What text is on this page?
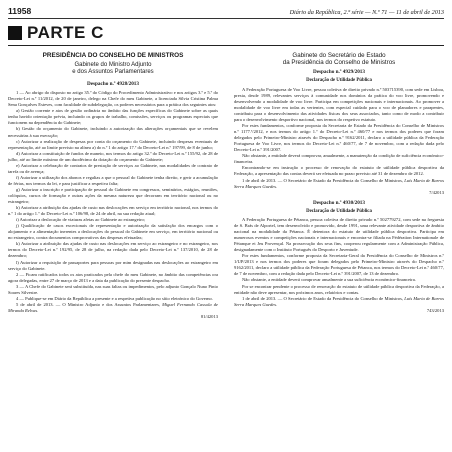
11958	Diário da República, 2.ª série — N.º 71 — 11 de abril de 2013
PARTE C
PRESIDÊNCIA DO CONSELHO DE MINISTROS
Gabinete do Ministro Adjunto
e dos Assuntos Parlamentares
Despacho n.º 4928/2013

1 — Ao abrigo do disposto no artigo 35.º do Código do Procedimento Administrativo e nos artigos 3.º e 5.º do Decreto-Lei n.º 11/2012, de 20 de janeiro, delego na Chefe do meu Gabinete, a licenciada Sílvia Cristina Palma Sena Gonçalves Esteves, com faculdade de subdelegação, os poderes necessários para a prática dos seguintes atos:

a) Gestão corrente e atos de gestão ordinária no âmbito das funções específicas do Gabinete sobre as quais tenha havido orientação prévia, incluindo os grupos de trabalho, comissões, serviços ou programas especiais que funcionem na dependência do Gabinete;

b) Gestão do orçamento do Gabinete, incluindo a autorização das alterações orçamentais que se revelem necessárias à sua execução;

c) Autorizar a realização de despesas por conta do orçamento do Gabinete, incluindo despesas eventuais de representação, até ao limite previsto na alínea a) do n.º 1 do artigo 17.º do Decreto-Lei n.º 197/99, de 8 de junho;

d) Autorizar a constituição de fundos de maneio, nos termos do artigo 32.º do Decreto-Lei n.º 155/92, de 28 de julho, até ao limite máximo de um duodécimo da dotação do orçamento do Gabinete;

e) Autorizar a celebração de contratos de prestação de serviços ao Gabinete, nas modalidades de contrato de tarefa ou de avença;

f) Autorizar a utilização dos abonos e regalias a que o pessoal do Gabinete tenha direito, e gerir a acumulação de férias, nos termos da lei, e para justificar a respetiva falta;

g) Autorizar a inscrição e participação de pessoal do Gabinete em congressos, seminários, estágios, reuniões, colóquios, cursos de formação e outras ações da mesma natureza que decorram em território nacional ou no estrangeiro;

h) Autorizar a atribuição das ajudas de custo nas deslocações em serviço em território nacional, nos termos do n.º 1 do artigo 1.º do Decreto-Lei n.º 106/98, de 24 de abril, na sua redação atual;

i) Autorizar a deslocação de viaturas afetas ao Gabinete ao estrangeiro;

j) Qualificação de casos excecionais de representação e autorização da satisfação dos encargos com o alojamento e a alimentação inerentes a deslocações do pessoal do Gabinete em serviço, em território nacional ou no estrangeiro, contra documentos comprovativos das despesas efetuadas;

k) Autorizar a atribuição das ajudas de custo nas deslocações em serviço ao estrangeiro e no estrangeiro, nos termos do Decreto-Lei n.º 192/95, de 28 de julho, na redação dada pelo Decreto-Lei n.º 137/2010, de 28 de dezembro;

l) Autorizar a requisição de passaportes para pessoas por mim designadas nas deslocações ao estrangeiro em serviço do Gabinete.

2 — Ficam ratificados todos os atos praticados pela chefe do meu Gabinete, no âmbito das competências ora agora delegadas, entre 27 de março de 2013 e a data da publicação do presente despacho.

3 — A Chefe do Gabinete será substituída, nas suas faltas ou impedimentos, pelo adjunto Gonçalo Nuno Pinto Soares Silvestre.

4 — Publique-se em Diário da República a presente e a respetiva publicação no sítio eletrónico do Governo.

5 de abril de 2013. — O Ministro Adjunto e dos Assuntos Parlamentares, Miguel Fernando Cassola de Miranda Relvas.

81/42013
Gabinete do Secretário de Estado
da Presidência do Conselho de Ministros
Despacho n.º 4929/2013
Declaração de Utilidade Pública

A Federação Portuguesa de Voo Livre, pessoa coletiva de direito privado n.º 503715390, com sede em Lisboa, presta, desde 1989, relevantes serviços à comunidade nos domínios da prática do voo livre, promovendo e desenvolvendo a modalidade de voo livre. Participa em competições nacionais e internacionais. Ao promover a modalidade de voo livre em todas as vertentes, com especial cuidado para o voo de planadores e parapentes, contribuiu para o desenvolvimento das atividades físicas dos seus associados, tanto como de modo a contribuir para o desenvolvimento desportivo nacional, nos termos do respetivo estatuto.

Por estes fundamentos, conforme proposta da Secretaria de Estado da Presidência do Conselho de Ministros n.º 1177.ª/2012, e nos termos do artigo 1.º do Decreto-Lei n.º 460/77 e nos termos dos poderes que foram delegados pelo Primeiro-Ministro através do Despacho n.º 9162/2011, declaro a utilidade pública da Federação Portuguesa de Voo Livre, nos termos do Decreto-Lei n.º 460/77, de 7 de novembro, com a redação dada pelo Decreto-Lei n.º 391/2007.

Não obstante, a entidade deverá comprovar, anualmente, a manutenção da condição de suficiência económico-financeira.

Encontrando-se em instrução o processo de renovação do estatuto de utilidade pública desportiva da Federação, a apresentação das contas deverá ser efetuada no prazo previsto até 31 de dezembro de 2012.

1 de abril de 2013. — O Secretário de Estado da Presidência do Conselho de Ministros, Luís Maria de Barros Serra Marques Guedes.

7/42013
Despacho n.º 4930/2013
Declaração de Utilidade Pública

A Federação Portuguesa de Pétanca, pessoa coletiva de direito privado n.º 502779272, com sede na freguesia de S. Brás de Alportel, tem desenvolvido e promovido, desde 1991, uma relevante atividade desportiva de âmbito nacional na modalidade da Pétanca. É detentora do estatuto de utilidade pública desportiva. Participa em numerosos eventos e competições nacionais e internacionais e encontra-se filiada na Fédération Internationale de Pétanque et Jeu Provençal. Na prossecução dos seus fins, cooperou regularmente com a Administração Pública, designadamente com o Instituto Português do Desporto e Juventude.

Por estes fundamentos, conforme proposta da Secretaria-Geral da Presidência do Conselho de Ministros n.º 1/UP/2013 e nos termos dos poderes que foram delegados pelo Primeiro-Ministro através do Despacho n.º 9162/2011, declaro a utilidade pública da Federação Portuguesa de Pétanca, nos termos do Decreto-Lei n.º 460/77, de 7 de novembro, com a redação dada pelo Decreto-Lei n.º 391/2007, de 13 de dezembro.

Não obstante, a entidade deverá comprovar anualmente a sua suficiência económico-financeira.

Por se encontrar pendente o processo de renovação do estatuto de utilidade pública desportiva da Federação, a entidade não deve apresentar, nos próximos anos, relatórios e contas.

1 de abril de 2013. — O Secretário de Estado da Presidência do Conselho de Ministros, Luís Maria de Barros Serra Marques Guedes.

743/2013
